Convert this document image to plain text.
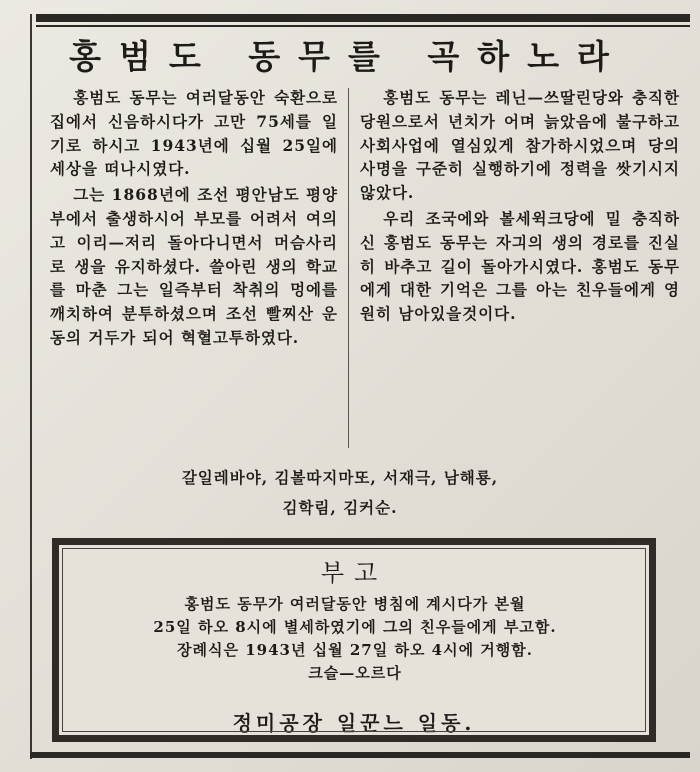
홍범도 동무를 곡하노라

홍범도 동무는 여러달동안 숙환으로 집에서 신음하시다가 고만 75세를 일기로 하시고 1943년에 십월 25일에 세상을 떠나시였다.

그는 1868년에 조선 평안남도 평양부에서 출생하시어 부모를 어려서 여의고 이리—저리 돌아다니면서 머슴사리로 생을 유지하셨다. 쓸아린 생의 학교를 마춘 그는 일즉부터 착취의 멍에를 깨치하여 분투하셨으며 조선 빨찌산 운동의 거두가 되어 혁혈고투하였다.

홍범도 동무는 레닌—쓰딸린당와 충직한 당원으로서 년치가 어며 늙았음에 불구하고 사회사업에 열심있게 참가하시었으며 당의 사명을 구준히 실행하기에 정력을 쌋기시지 않았다.

우리 조국에와 볼세윅크당에 밀 충직하신 홍범도 동무는 자긔의 생의 경로를 진실히 바추고 길이 돌아가시였다. 홍범도 동무에게 대한 기억은 그를 아는 친우들에게 영원히 남아있을것이다.

갈일레바야, 김볼따지마또, 서재극, 남해룡,
김학림, 김커순.
부고
홍범도 동무가 여러달동안 병침에 계시다가 본월
25일 하오 8시에 별세하였기에 그의 친우들에게 부고함.
장례식은 1943년 십월 27일 하오 4시에 거행함.
크슬—오르다
정미공장 일꾼느 일동.
